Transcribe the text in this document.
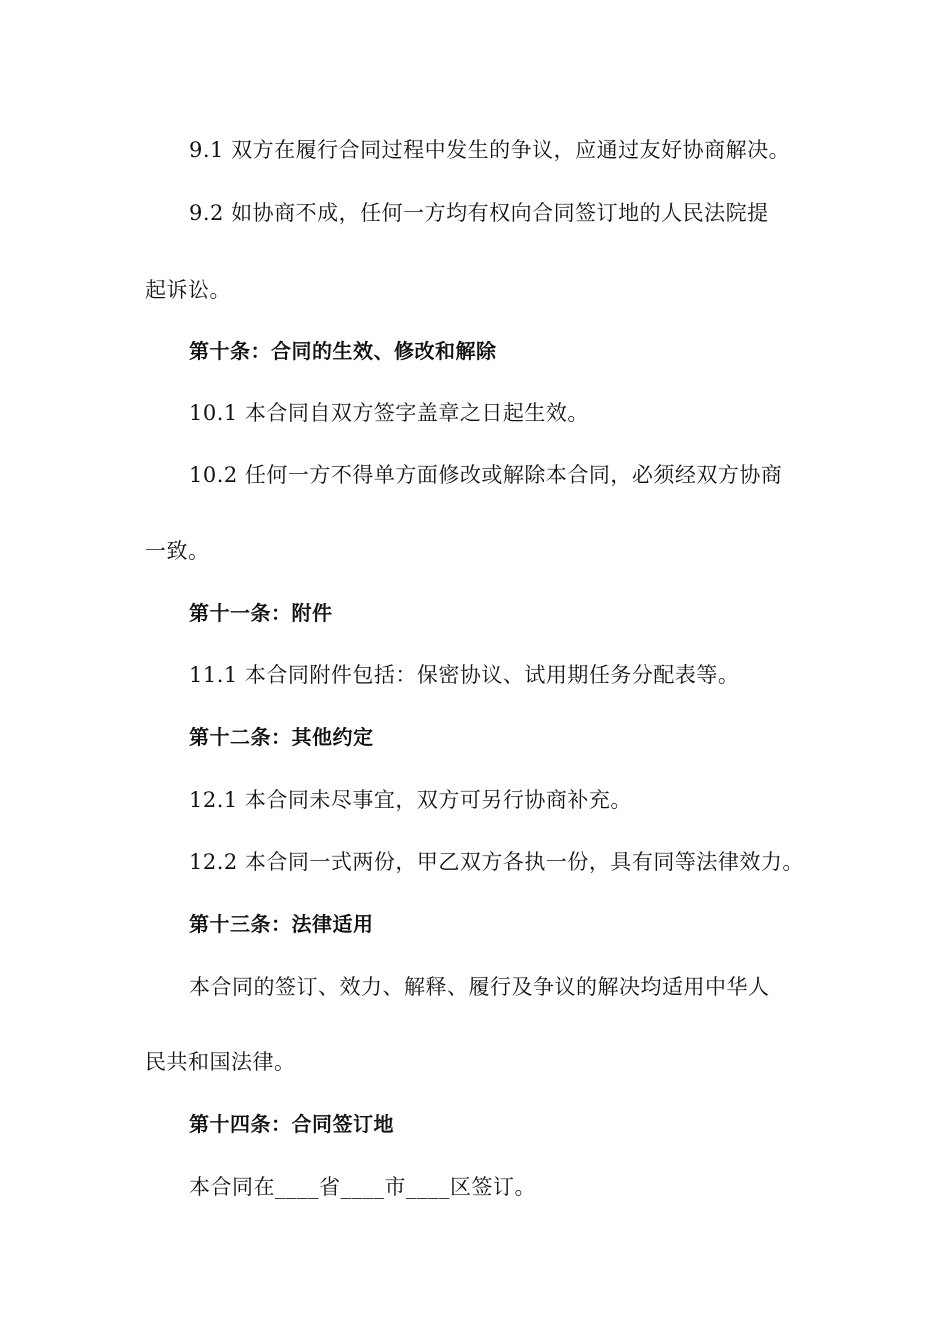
9.1 双方在履行合同过程中发生的争议，应通过友好协商解决。
9.2 如协商不成，任何一方均有权向合同签订地的人民法院提
起诉讼。
第十条：合同的生效、修改和解除
10.1 本合同自双方签字盖章之日起生效。
10.2 任何一方不得单方面修改或解除本合同，必须经双方协商
一致。
第十一条：附件
11.1 本合同附件包括：保密协议、试用期任务分配表等。
第十二条：其他约定
12.1 本合同未尽事宜，双方可另行协商补充。
12.2 本合同一式两份，甲乙双方各执一份，具有同等法律效力。
第十三条：法律适用
本合同的签订、效力、解释、履行及争议的解决均适用中华人
民共和国法律。
第十四条：合同签订地
本合同在____省____市____区签订。
